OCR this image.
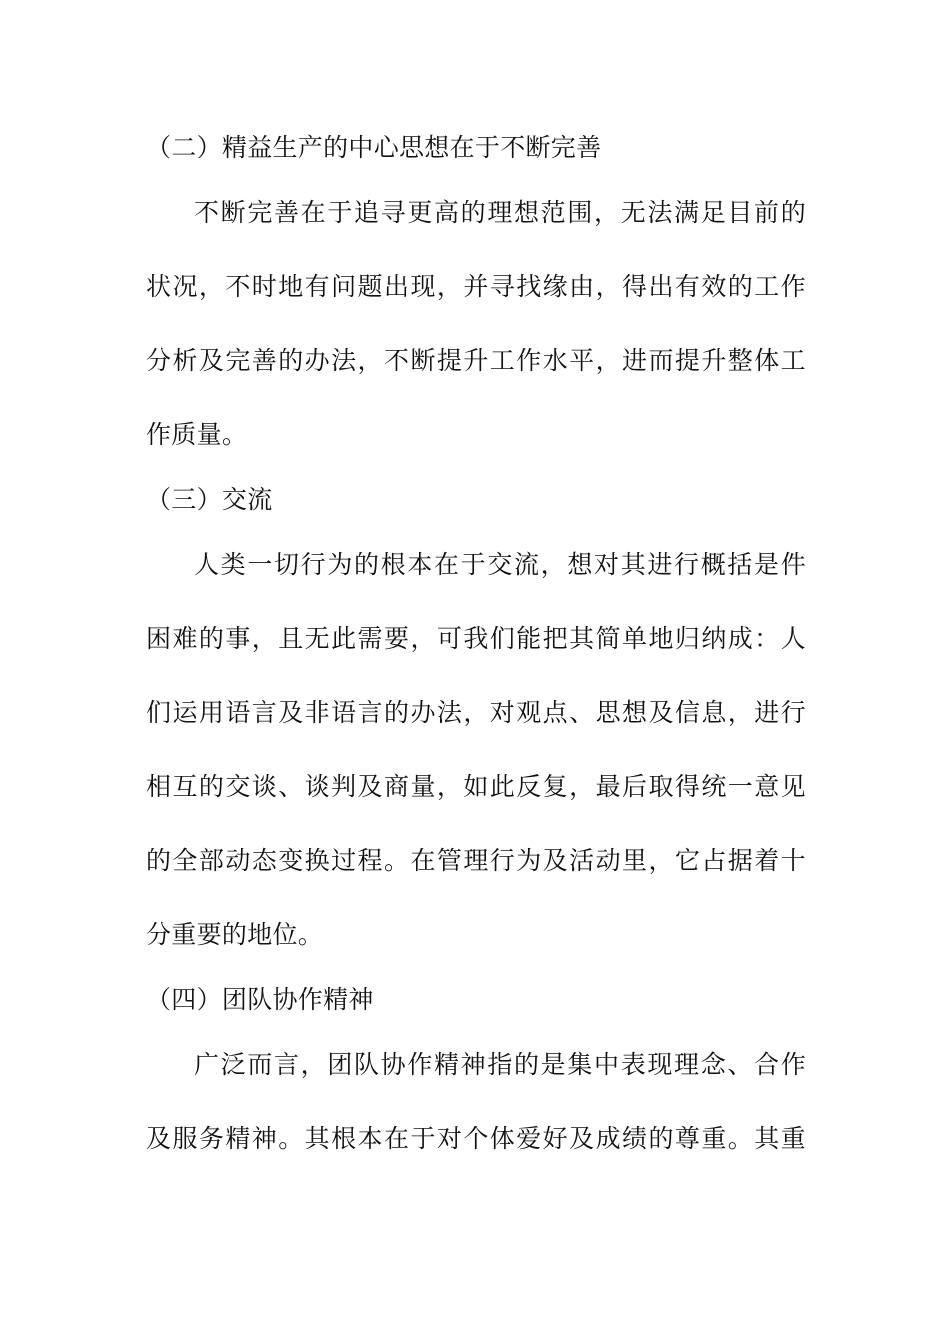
（二）精益生产的中心思想在于不断完善
不断完善在于追寻更高的理想范围，无法满足目前的
状况，不时地有问题出现，并寻找缘由，得出有效的工作
分析及完善的办法，不断提升工作水平，进而提升整体工
作质量。
（三）交流
人类一切行为的根本在于交流，想对其进行概括是件
困难的事，且无此需要，可我们能把其简单地归纳成：人
们运用语言及非语言的办法，对观点、思想及信息，进行
相互的交谈、谈判及商量，如此反复，最后取得统一意见
的全部动态变换过程。在管理行为及活动里，它占据着十
分重要的地位。
（四）团队协作精神
广泛而言，团队协作精神指的是集中表现理念、合作
及服务精神。其根本在于对个体爱好及成绩的尊重。其重
